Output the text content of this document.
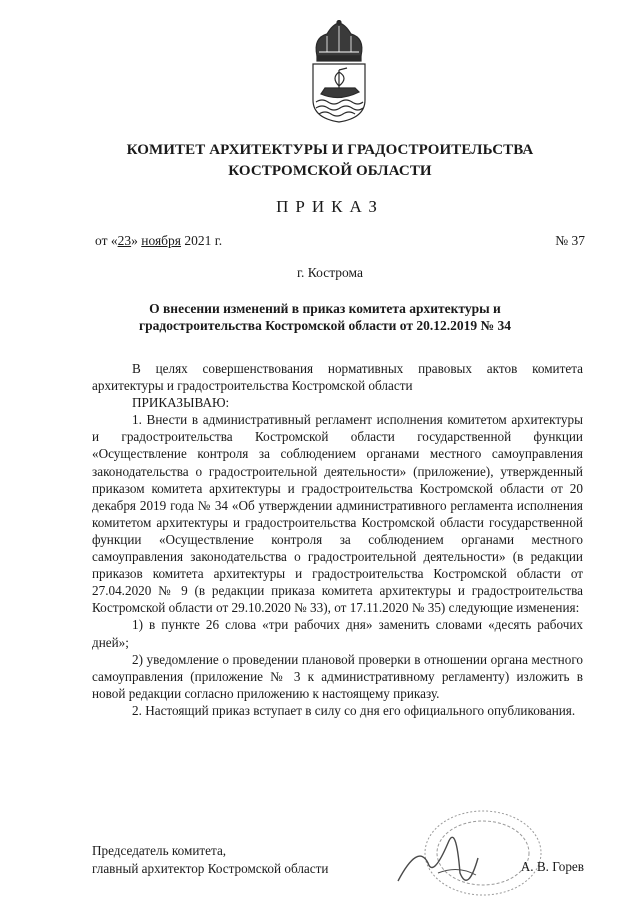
КОМИТЕТ АРХИТЕКТУРЫ И ГРАДОСТРОИТЕЛЬСТВА
КОСТРОМСКОЙ ОБЛАСТИ
ПРИКАЗ
от «23» ноября 2021 г.	№ 37
г. Кострома
О внесении изменений в приказ комитета архитектуры и градостроительства Костромской области от 20.12.2019 № 34

В целях совершенствования нормативных правовых актов комитета архитектуры и градостроительства Костромской области

ПРИКАЗЫВАЮ:

1. Внести в административный регламент исполнения комитетом архитектуры и градостроительства Костромской области государственной функции «Осуществление контроля за соблюдением органами местного самоуправления законодательства о градостроительной деятельности» (приложение), утвержденный приказом комитета архитектуры и градостроительства Костромской области от 20 декабря 2019 года № 34 «Об утверждении административного регламента исполнения комитетом архитектуры и градостроительства Костромской области государственной функции «Осуществление контроля за соблюдением органами местного самоуправления законодательства о градостроительной деятельности» (в редакции приказов комитета архитектуры и градостроительства Костромской области от 27.04.2020 № 9 (в редакции приказа комитета архитектуры и градостроительства Костромской области от 29.10.2020 № 33), от 17.11.2020 № 35) следующие изменения:

1) в пункте 26 слова «три рабочих дня» заменить словами «десять рабочих дней»;

2) уведомление о проведении плановой проверки в отношении органа местного самоуправления (приложение № 3 к административному регламенту) изложить в новой редакции согласно приложению к настоящему приказу.

2. Настоящий приказ вступает в силу со дня его официального опубликования.

Председатель комитета,
главный архитектор Костромской области	А. В. Горев
